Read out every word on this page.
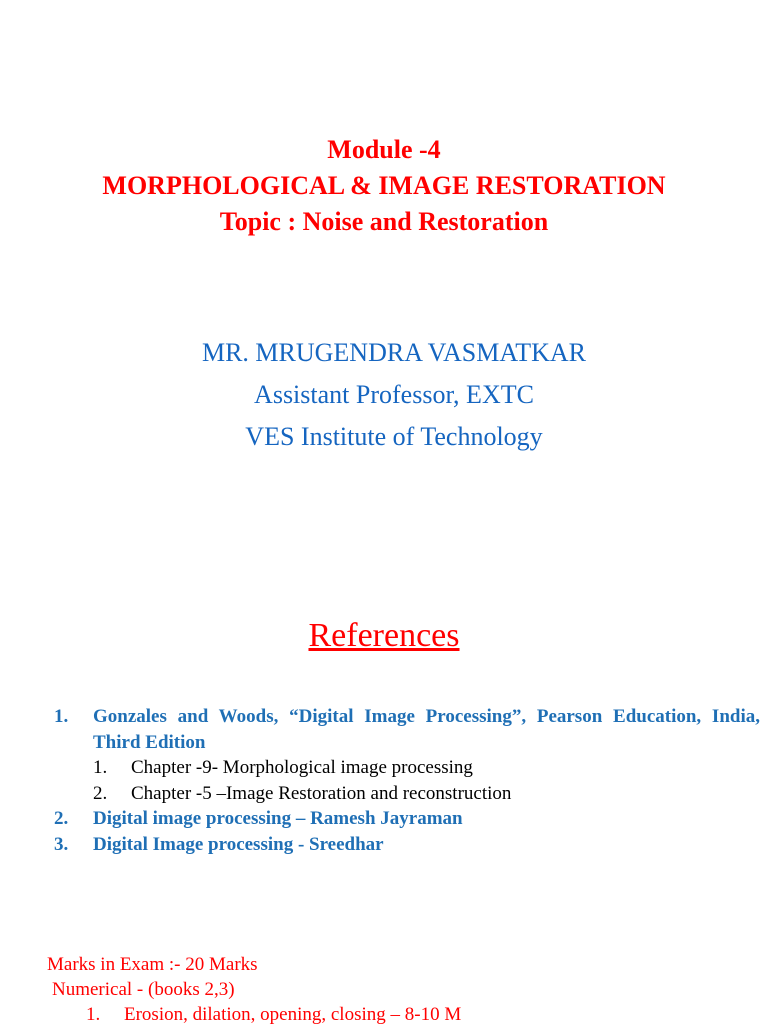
Module -4
MORPHOLOGICAL & IMAGE RESTORATION
Topic : Noise and Restoration
MR. MRUGENDRA VASMATKAR
Assistant Professor, EXTC
VES Institute of Technology
References
1. Gonzales and Woods, “Digital Image Processing”, Pearson Education, India, Third Edition
1. Chapter -9- Morphological image processing
2. Chapter -5 –Image Restoration and reconstruction
2. Digital image processing – Ramesh Jayraman
3. Digital Image processing - Sreedhar
Marks in Exam :- 20 Marks
Numerical - (books 2,3)
1. Erosion, dilation, opening, closing – 8-10 M
